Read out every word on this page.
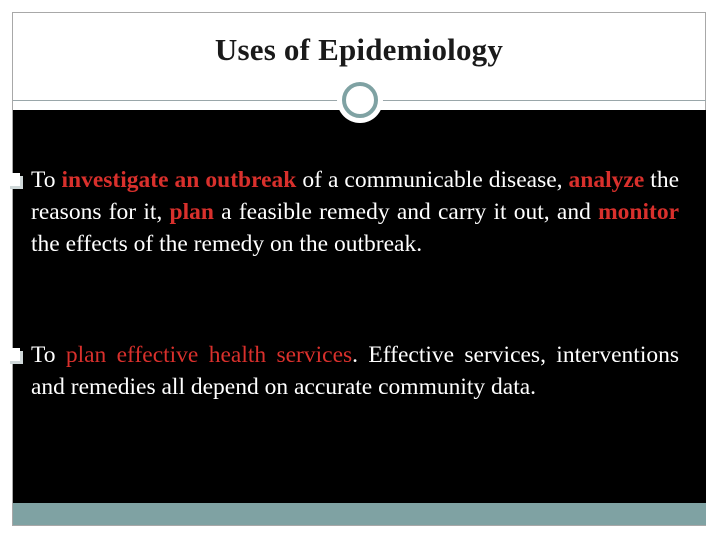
Uses of Epidemiology
To investigate an outbreak of a communicable disease, analyze the reasons for it, plan a feasible remedy and carry it out, and monitor the effects of the remedy on the outbreak.
To plan effective health services. Effective services, interventions and remedies all depend on accurate community data.
